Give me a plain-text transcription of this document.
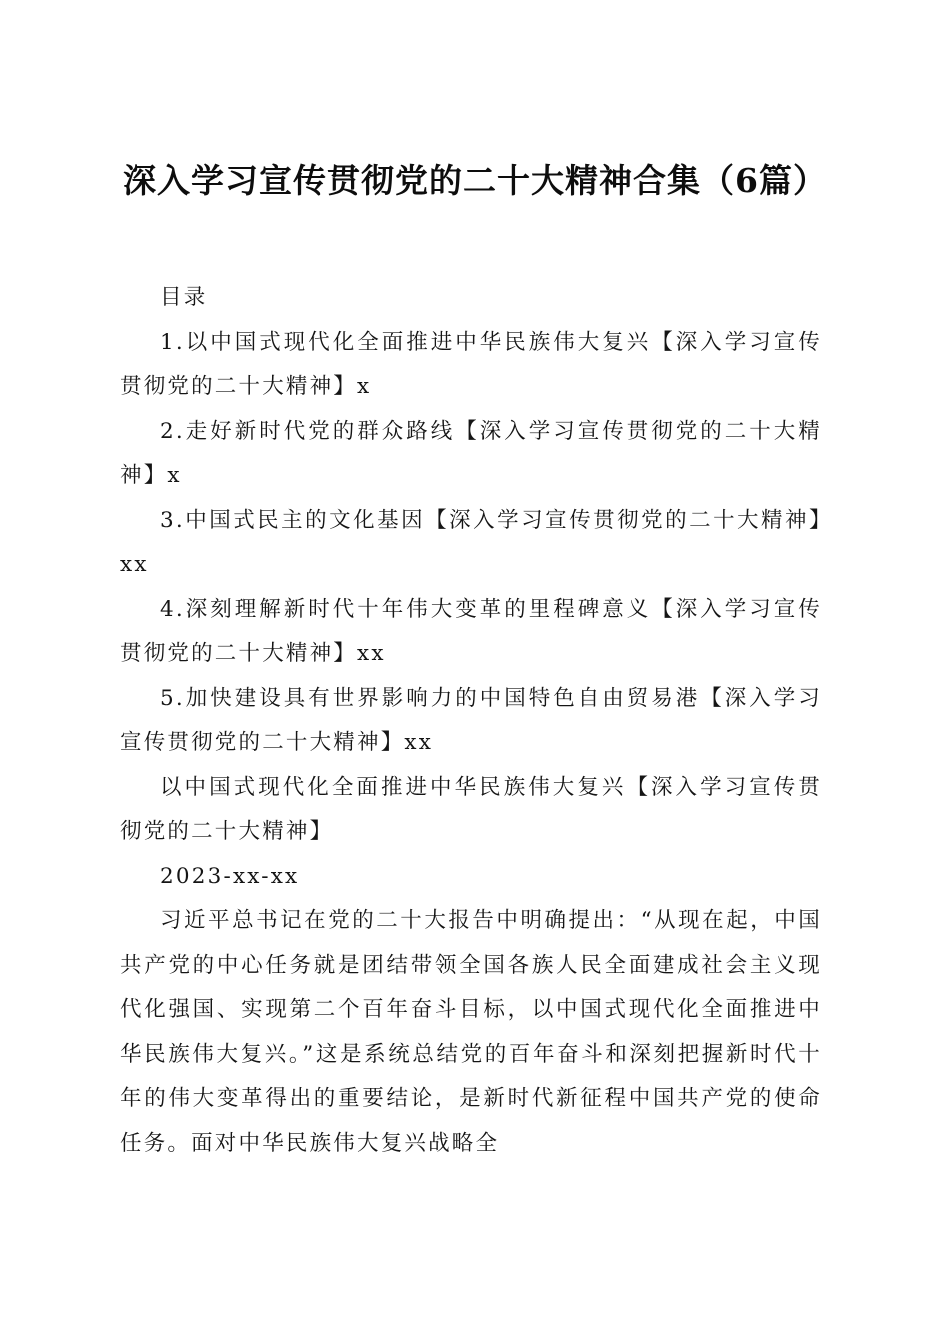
深入学习宣传贯彻党的二十大精神合集（6篇）

目录

1.以中国式现代化全面推进中华民族伟大复兴【深入学习宣传贯彻党的二十大精神】x

2.走好新时代党的群众路线【深入学习宣传贯彻党的二十大精神】x

3.中国式民主的文化基因【深入学习宣传贯彻党的二十大精神】xx

4.深刻理解新时代十年伟大变革的里程碑意义【深入学习宣传贯彻党的二十大精神】xx

5.加快建设具有世界影响力的中国特色自由贸易港【深入学习宣传贯彻党的二十大精神】xx

以中国式现代化全面推进中华民族伟大复兴【深入学习宣传贯彻党的二十大精神】

2023-xx-xx

习近平总书记在党的二十大报告中明确提出：“从现在起，中国共产党的中心任务就是团结带领全国各族人民全面建成社会主义现代化强国、实现第二个百年奋斗目标，以中国式现代化全面推进中华民族伟大复兴。”这是系统总结党的百年奋斗和深刻把握新时代十年的伟大变革得出的重要结论，是新时代新征程中国共产党的使命任务。面对中华民族伟大复兴战略全
